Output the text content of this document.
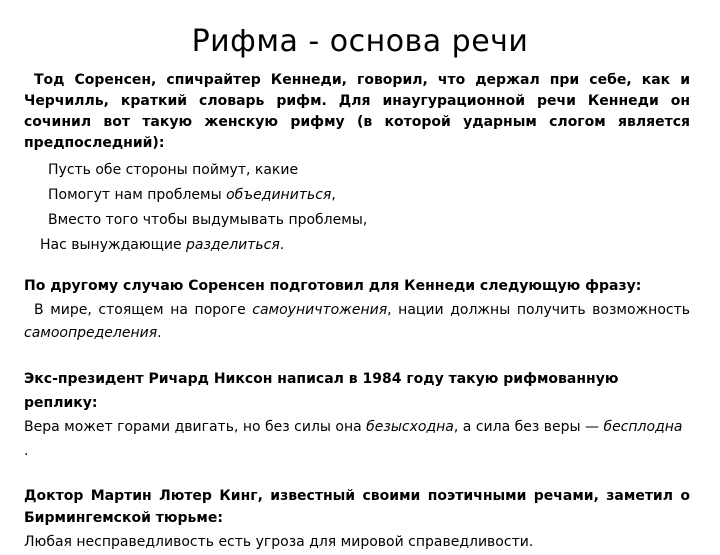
Рифма - основа речи

Тод Соренсен, спичрайтер Кеннеди, говорил, что держал при себе, как и Черчилль, краткий словарь рифм. Для инаугурационной речи Кеннеди он сочинил вот такую женскую рифму (в которой ударным слогом является предпоследний):

Пусть обе стороны поймут, какие
Помогут нам проблемы объединиться,
Вместо того чтобы выдумывать проблемы,
Нас вынуждающие разделиться.

По другому случаю Соренсен подготовил для Кеннеди следующую фразу:

В мире, стоящем на пороге самоуничтожения, нации должны получить возможность самоопределения.

Экс-президент Ричард Никсон написал в 1984 году такую рифмованную реплику:

Вера может горами двигать, но без силы она безысходна, а сила без веры — бесплодна .

Доктор Мартин Лютер Кинг, известный своими поэтичными речами, заметил о Бирмингемской тюрьме:

Любая несправедливость есть угроза для мировой справедливости.
